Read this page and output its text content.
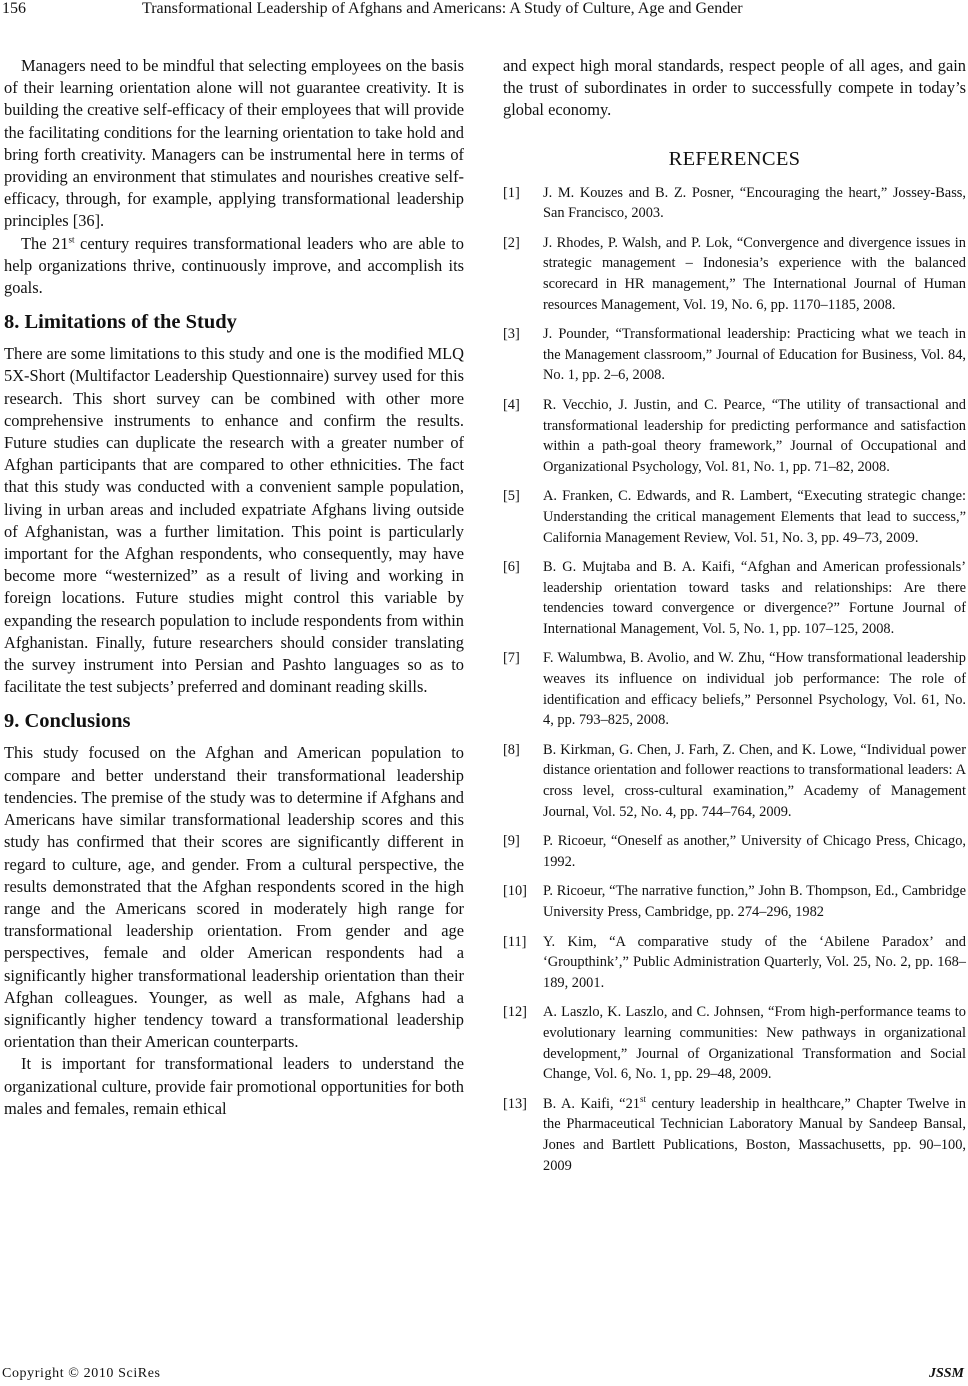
156	Transformational Leadership of Afghans and Americans: A Study of Culture, Age and Gender

Managers need to be mindful that selecting employees on the basis of their learning orientation alone will not guarantee creativity. It is building the creative self-efficacy of their employees that will provide the facilitating conditions for the learning orientation to take hold and bring forth creativity. Managers can be instrumental here in terms of providing an environment that stimulates and nourishes creative self-efficacy, through, for example, applying transformational leadership principles [36].

The 21st century requires transformational leaders who are able to help organizations thrive, continuously improve, and accomplish its goals.

8. Limitations of the Study

There are some limitations to this study and one is the modified MLQ 5X-Short (Multifactor Leadership Questionnaire) survey used for this research. This short survey can be combined with other more comprehensive instruments to enhance and confirm the results. Future studies can duplicate the research with a greater number of Afghan participants that are compared to other ethnicities. The fact that this study was conducted with a convenient sample population, living in urban areas and included expatriate Afghans living outside of Afghanistan, was a further limitation. This point is particularly important for the Afghan respondents, who consequently, may have become more “westernized” as a result of living and working in foreign locations. Future studies might control this variable by expanding the research population to include respondents from within Afghanistan. Finally, future researchers should consider translating the survey instrument into Persian and Pashto languages so as to facilitate the test subjects’ preferred and dominant reading skills.

9. Conclusions

This study focused on the Afghan and American population to compare and better understand their transformational leadership tendencies. The premise of the study was to determine if Afghans and Americans have similar transformational leadership scores and this study has confirmed that their scores are significantly different in regard to culture, age, and gender. From a cultural perspective, the results demonstrated that the Afghan respondents scored in the high range and the Americans scored in moderately high range for transformational leadership orientation. From gender and age perspectives, female and older American respondents had a significantly higher transformational leadership orientation than their Afghan colleagues. Younger, as well as male, Afghans had a significantly higher tendency toward a transformational leadership orientation than their American counterparts.

It is important for transformational leaders to understand the organizational culture, provide fair promotional opportunities for both males and females, remain ethical

and expect high moral standards, respect people of all ages, and gain the trust of subordinates in order to successfully compete in today’s global economy.

REFERENCES
[1] J. M. Kouzes and B. Z. Posner, “Encouraging the heart,” Jossey-Bass, San Francisco, 2003.
[2] J. Rhodes, P. Walsh, and P. Lok, “Convergence and divergence issues in strategic management – Indonesia’s experience with the balanced scorecard in HR management,” The International Journal of Human resources Management, Vol. 19, No. 6, pp. 1170–1185, 2008.
[3] J. Pounder, “Transformational leadership: Practicing what we teach in the Management classroom,” Journal of Education for Business, Vol. 84, No. 1, pp. 2–6, 2008.
[4] R. Vecchio, J. Justin, and C. Pearce, “The utility of transactional and transformational leadership for predicting performance and satisfaction within a path-goal theory framework,” Journal of Occupational and Organizational Psychology, Vol. 81, No. 1, pp. 71–82, 2008.
[5] A. Franken, C. Edwards, and R. Lambert, “Executing strategic change: Understanding the critical management Elements that lead to success,” California Management Review, Vol. 51, No. 3, pp. 49–73, 2009.
[6] B. G. Mujtaba and B. A. Kaifi, “Afghan and American professionals’ leadership orientation toward tasks and relationships: Are there tendencies toward convergence or divergence?” Fortune Journal of International Management, Vol. 5, No. 1, pp. 107–125, 2008.
[7] F. Walumbwa, B. Avolio, and W. Zhu, “How transformational leadership weaves its influence on individual job performance: The role of identification and efficacy beliefs,” Personnel Psychology, Vol. 61, No. 4, pp. 793–825, 2008.
[8] B. Kirkman, G. Chen, J. Farh, Z. Chen, and K. Lowe, “Individual power distance orientation and follower reactions to transformational leaders: A cross level, cross-cultural examination,” Academy of Management Journal, Vol. 52, No. 4, pp. 744–764, 2009.
[9] P. Ricoeur, “Oneself as another,” University of Chicago Press, Chicago, 1992.
[10] P. Ricoeur, “The narrative function,” John B. Thompson, Ed., Cambridge University Press, Cambridge, pp. 274–296, 1982
[11] Y. Kim, “A comparative study of the ‘Abilene Paradox’ and ‘Groupthink’,” Public Administration Quarterly, Vol. 25, No. 2, pp. 168–189, 2001.
[12] A. Laszlo, K. Laszlo, and C. Johnsen, “From high-performance teams to evolutionary learning communities: New pathways in organizational development,” Journal of Organizational Transformation and Social Change, Vol. 6, No. 1, pp. 29–48, 2009.
[13] B. A. Kaifi, “21st century leadership in healthcare,” Chapter Twelve in the Pharmaceutical Technician Laboratory Manual by Sandeep Bansal, Jones and Bartlett Publications, Boston, Massachusetts, pp. 90–100, 2009
Copyright © 2010 SciRes	JSSM
